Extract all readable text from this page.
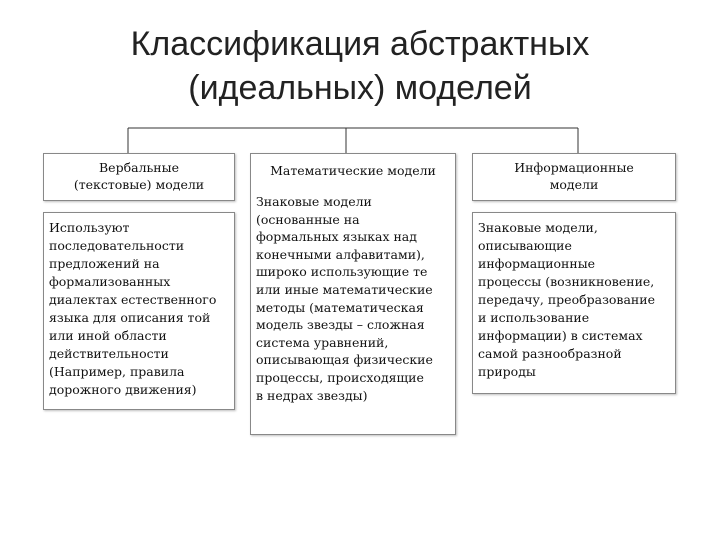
Классификация абстрактных
(идеальных) моделей
Вербальные
(текстовые) модели
Используют
последовательности
предложений на
формализованных
диалектах естественного
языка для описания той
или иной области
действительности
(Например, правила
дорожного движения)
Математические модели
Знаковые модели
(основанные на
формальных языках над
конечными алфавитами),
широко использующие те
или иные математические
методы (математическая
модель звезды – сложная
система уравнений,
описывающая физические
процессы, происходящие
в недрах звезды)
Информационные
модели
Знаковые модели,
описывающие
информационные
процессы (возникновение,
передачу, преобразование
и использование
информации) в системах
самой разнообразной
природы
